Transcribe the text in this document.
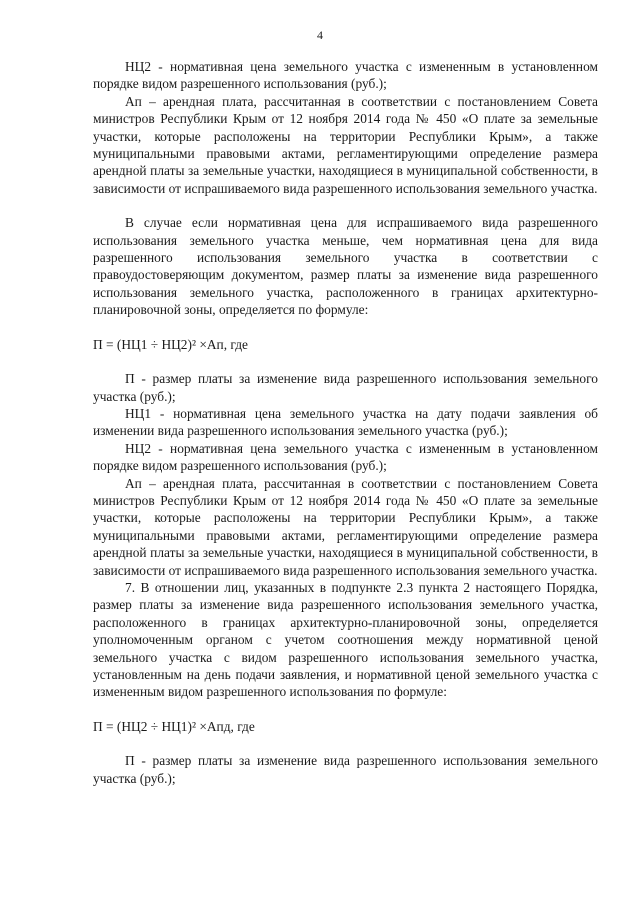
4

НЦ2 - нормативная цена земельного участка с измененным в установленном порядке видом разрешенного использования (руб.);

Ап – арендная плата, рассчитанная в соответствии с постановлением Совета министров Республики Крым от 12 ноября 2014 года № 450 «О плате за земельные участки, которые расположены на территории Республики Крым», а также муниципальными правовыми актами, регламентирующими определение размера арендной платы за земельные участки, находящиеся в муниципальной собственности, в зависимости от испрашиваемого вида разрешенного использования земельного участка.

В случае если нормативная цена для испрашиваемого вида разрешенного использования земельного участка меньше, чем нормативная цена для вида разрешенного использования земельного участка в соответствии с правоудостоверяющим документом, размер платы за изменение вида разрешенного использования земельного участка, расположенного в границах архитектурно-планировочной зоны, определяется по формуле:

П = (НЦ1 ÷ НЦ2)² ×Ап, где

П - размер платы за изменение вида разрешенного использования земельного участка (руб.);

НЦ1 - нормативная цена земельного участка на дату подачи заявления об изменении вида разрешенного использования земельного участка (руб.);

НЦ2 - нормативная цена земельного участка с измененным в установленном порядке видом разрешенного использования (руб.);

Ап – арендная плата, рассчитанная в соответствии с постановлением Совета министров Республики Крым от 12 ноября 2014 года № 450 «О плате за земельные участки, которые расположены на территории Республики Крым», а также муниципальными правовыми актами, регламентирующими определение размера арендной платы за земельные участки, находящиеся в муниципальной собственности, в зависимости от испрашиваемого вида разрешенного использования земельного участка.

7. В отношении лиц, указанных в подпункте 2.3 пункта 2 настоящего Порядка, размер платы за изменение вида разрешенного использования земельного участка, расположенного в границах архитектурно-планировочной зоны, определяется уполномоченным органом с учетом соотношения между нормативной ценой земельного участка с видом разрешенного использования земельного участка, установленным на день подачи заявления, и нормативной ценой земельного участка с измененным видом разрешенного использования по формуле:

П = (НЦ2 ÷ НЦ1)² ×Апд, где

П - размер платы за изменение вида разрешенного использования земельного участка (руб.);
